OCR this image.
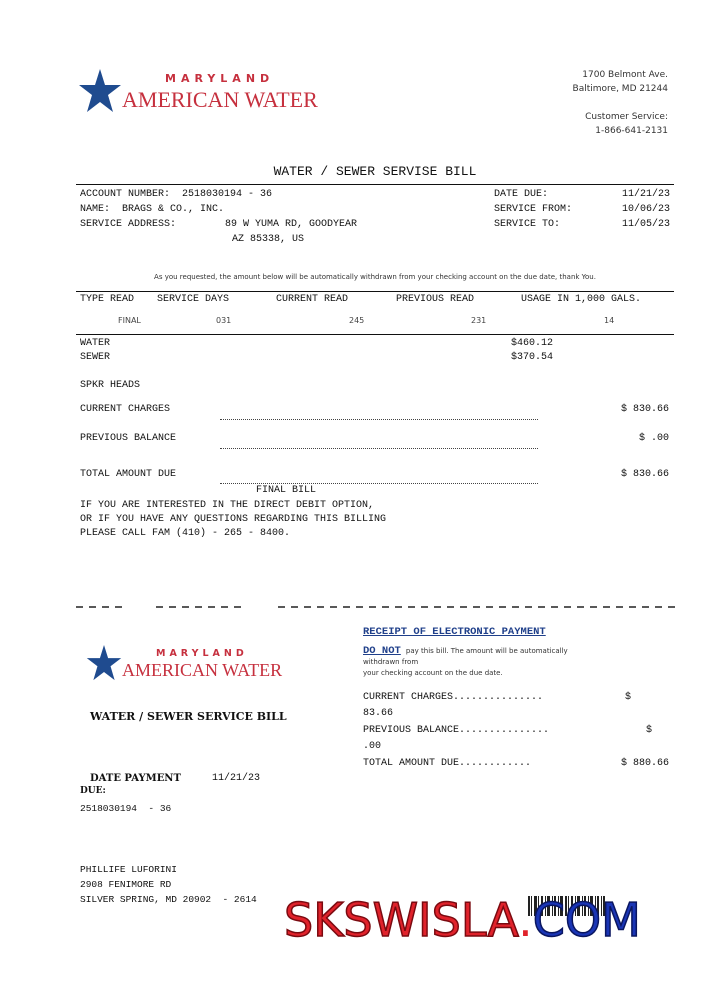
MARYLAND
AMERICAN WATER
1700 Belmont Ave.
Baltimore, MD 21244
Customer Service:
1-866-641-2131
WATER / SEWER SERVISE BILL
ACCOUNT NUMBER: 2518030194 - 36
NAME: BRAGS & CO., INC.
SERVICE ADDRESS:	89 W YUMA RD, GOODYEAR
AZ 85338, US
DATE DUE:	11/21/23
SERVICE FROM:	10/06/23
SERVICE TO:	11/05/23
As you requested, the amount below will be automatically withdrawn from your checking account on the due date, thank You.
TYPE READ SERVICE DAYS	CURRENT READ	PREVIOUS READ	USAGE IN 1,000 GALS.
FINAL	031	245	231	14
WATER	$460.12
SEWER	$370.54
SPKR HEADS
CURRENT CHARGES	$ 830.66
PREVIOUS BALANCE	$ .00
TOTAL AMOUNT DUE	$ 830.66
FINAL BILL
IF YOU ARE INTERESTED IN THE DIRECT DEBIT OPTION,
OR IF YOU HAVE ANY QUESTIONS REGARDING THIS BILLING
PLEASE CALL FAM (410) - 265 - 8400.
MARYLAND
AMERICAN WATER
WATER / SEWER SERVICE BILL
RECEIPT OF ELECTRONIC PAYMENT
DO NOT pay this bill. The amount will be automatically
withdrawn from
your checking account on the due date.
CURRENT CHARGES...............	$
83.66
PREVIOUS BALANCE...............	$
.00
TOTAL AMOUNT DUE............	$ 880.66
DATE PAYMENT
DUE:
11/21/23
2518030194  - 36
PHILLIFE LUFORINI
2908 FENIMORE RD
SILVER SPRING, MD 20902  - 2614 SKSWISLA.COM
